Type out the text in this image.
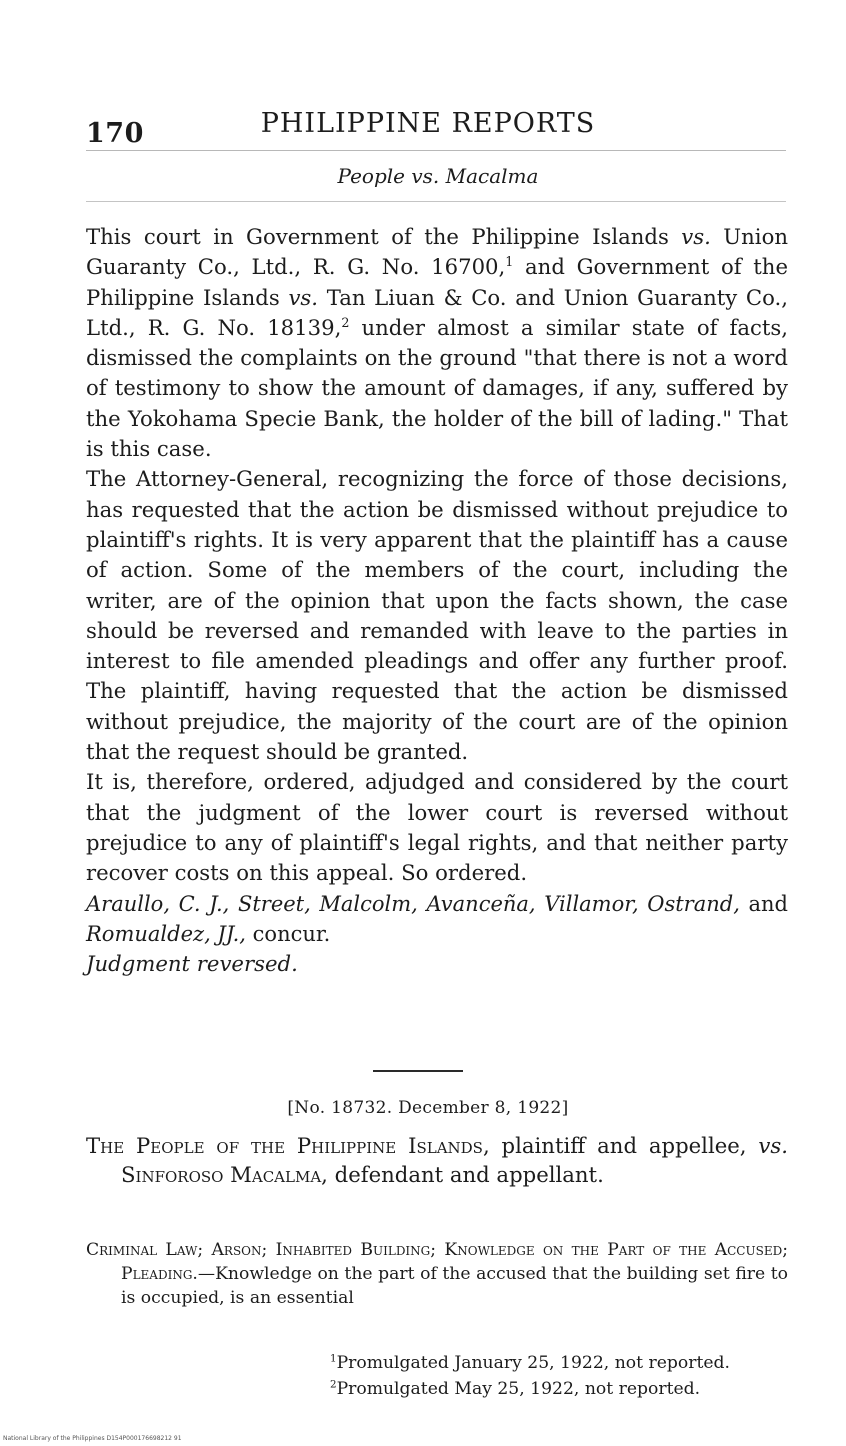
170	PHILIPPINE REPORTS
People vs. Macalma

This court in Government of the Philippine Islands vs. Union Guaranty Co., Ltd., R. G. No. 16700,$^1$ and Government of the Philippine Islands vs. Tan Liuan & Co. and Union Guaranty Co., Ltd., R. G. No. 18139,$^2$ under almost a similar state of facts, dismissed the complaints on the ground "that there is not a word of testimony to show the amount of damages, if any, suffered by the Yokohama Specie Bank, the holder of the bill of lading." That is this case.

The Attorney-General, recognizing the force of those decisions, has requested that the action be dismissed without prejudice to plaintiff's rights. It is very apparent that the plaintiff has a cause of action. Some of the members of the court, including the writer, are of the opinion that upon the facts shown, the case should be reversed and remanded with leave to the parties in interest to file amended pleadings and offer any further proof. The plaintiff, having requested that the action be dismissed without prejudice, the majority of the court are of the opinion that the request should be granted.

It is, therefore, ordered, adjudged and considered by the court that the judgment of the lower court is reversed without prejudice to any of plaintiff's legal rights, and that neither party recover costs on this appeal. So ordered.

Araullo, C. J., Street, Malcolm, Avanceña, Villamor, Ostrand, and Romualdez, JJ., concur.

Judgment reversed.

[No. 18732. December 8, 1922]
The People of the Philippine Islands, plaintiff and appellee, vs. Sinforoso Macalma, defendant and appellant.
Criminal Law; Arson; Inhabited Building; Knowledge on the Part of the Accused; Pleading.—Knowledge on the part of the accused that the building set fire to is occupied, is an essential
$^1$Promulgated January 25, 1922, not reported.
$^2$Promulgated May 25, 1922, not reported.
National Library of the Philippines D154P000176698212 91
